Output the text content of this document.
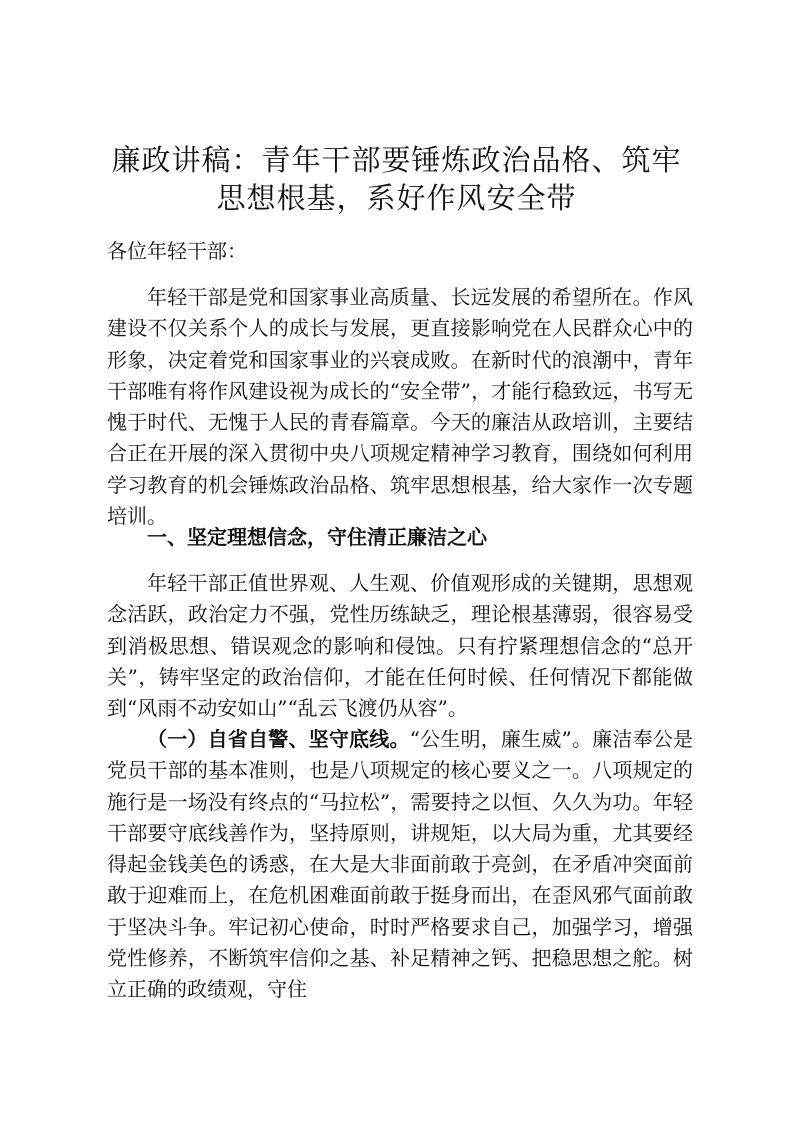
廉政讲稿：青年干部要锤炼政治品格、筑牢思想根基，系好作风安全带

各位年轻干部：

年轻干部是党和国家事业高质量、长远发展的希望所在。作风建设不仅关系个人的成长与发展，更直接影响党在人民群众心中的形象，决定着党和国家事业的兴衰成败。在新时代的浪潮中，青年干部唯有将作风建设视为成长的“安全带”，才能行稳致远，书写无愧于时代、无愧于人民的青春篇章。今天的廉洁从政培训，主要结合正在开展的深入贯彻中央八项规定精神学习教育，围绕如何利用学习教育的机会锤炼政治品格、筑牢思想根基，给大家作一次专题培训。

一、坚定理想信念，守住清正廉洁之心

年轻干部正值世界观、人生观、价值观形成的关键期，思想观念活跃，政治定力不强，党性历练缺乏，理论根基薄弱，很容易受到消极思想、错误观念的影响和侵蚀。只有拧紧理想信念的“总开关”，铸牢坚定的政治信仰，才能在任何时候、任何情况下都能做到“风雨不动安如山”“乱云飞渡仍从容”。

（一）自省自警、坚守底线。“公生明，廉生威”。廉洁奉公是党员干部的基本准则，也是八项规定的核心要义之一。八项规定的施行是一场没有终点的“马拉松”，需要持之以恒、久久为功。年轻干部要守底线善作为，坚持原则，讲规矩，以大局为重，尤其要经得起金钱美色的诱惑，在大是大非面前敢于亮剑，在矛盾冲突面前敢于迎难而上，在危机困难面前敢于挺身而出，在歪风邪气面前敢于坚决斗争。牢记初心使命，时时严格要求自己，加强学习，增强党性修养，不断筑牢信仰之基、补足精神之钙、把稳思想之舵。树立正确的政绩观，守住
